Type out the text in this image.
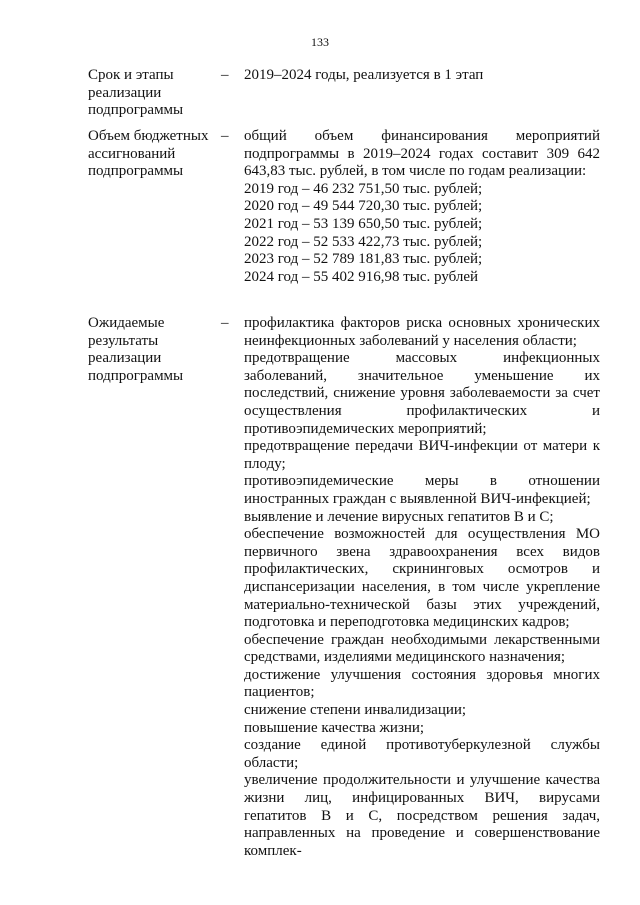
133
Срок и этапы реализации подпрограммы
– 2019–2024 годы, реализуется в 1 этап
Объем бюджетных ассигнований подпрограммы
– общий объем финансирования мероприятий подпрограммы в 2019–2024 годах составит 309 642 643,83 тыс. рублей, в том числе по годам реализации:
2019 год – 46 232 751,50 тыс. рублей;
2020 год – 49 544 720,30 тыс. рублей;
2021 год – 53 139 650,50 тыс. рублей;
2022 год – 52 533 422,73 тыс. рублей;
2023 год – 52 789 181,83 тыс. рублей;
2024 год – 55 402 916,98 тыс. рублей
Ожидаемые результаты реализации подпрограммы
– профилактика факторов риска основных хронических неинфекционных заболеваний у населения области;
предотвращение массовых инфекционных заболеваний, значительное уменьшение их последствий, снижение уровня заболеваемости за счет осуществления профилактических и противоэпидемических мероприятий;
предотвращение передачи ВИЧ-инфекции от матери к плоду;
противоэпидемические меры в отношении иностранных граждан с выявленной ВИЧ-инфекцией;
выявление и лечение вирусных гепатитов В и С;
обеспечение возможностей для осуществления МО первичного звена здравоохранения всех видов профилактических, скрининговых осмотров и диспансеризации населения, в том числе укрепление материально-технической базы этих учреждений, подготовка и переподготовка медицинских кадров;
обеспечение граждан необходимыми лекарственными средствами, изделиями медицинского назначения;
достижение улучшения состояния здоровья многих пациентов;
снижение степени инвалидизации;
повышение качества жизни;
создание единой противотуберкулезной службы области;
увеличение продолжительности и улучшение качества жизни лиц, инфицированных ВИЧ, вирусами гепатитов В и С, посредством решения задач, направленных на проведение и совершенствование комплек-
